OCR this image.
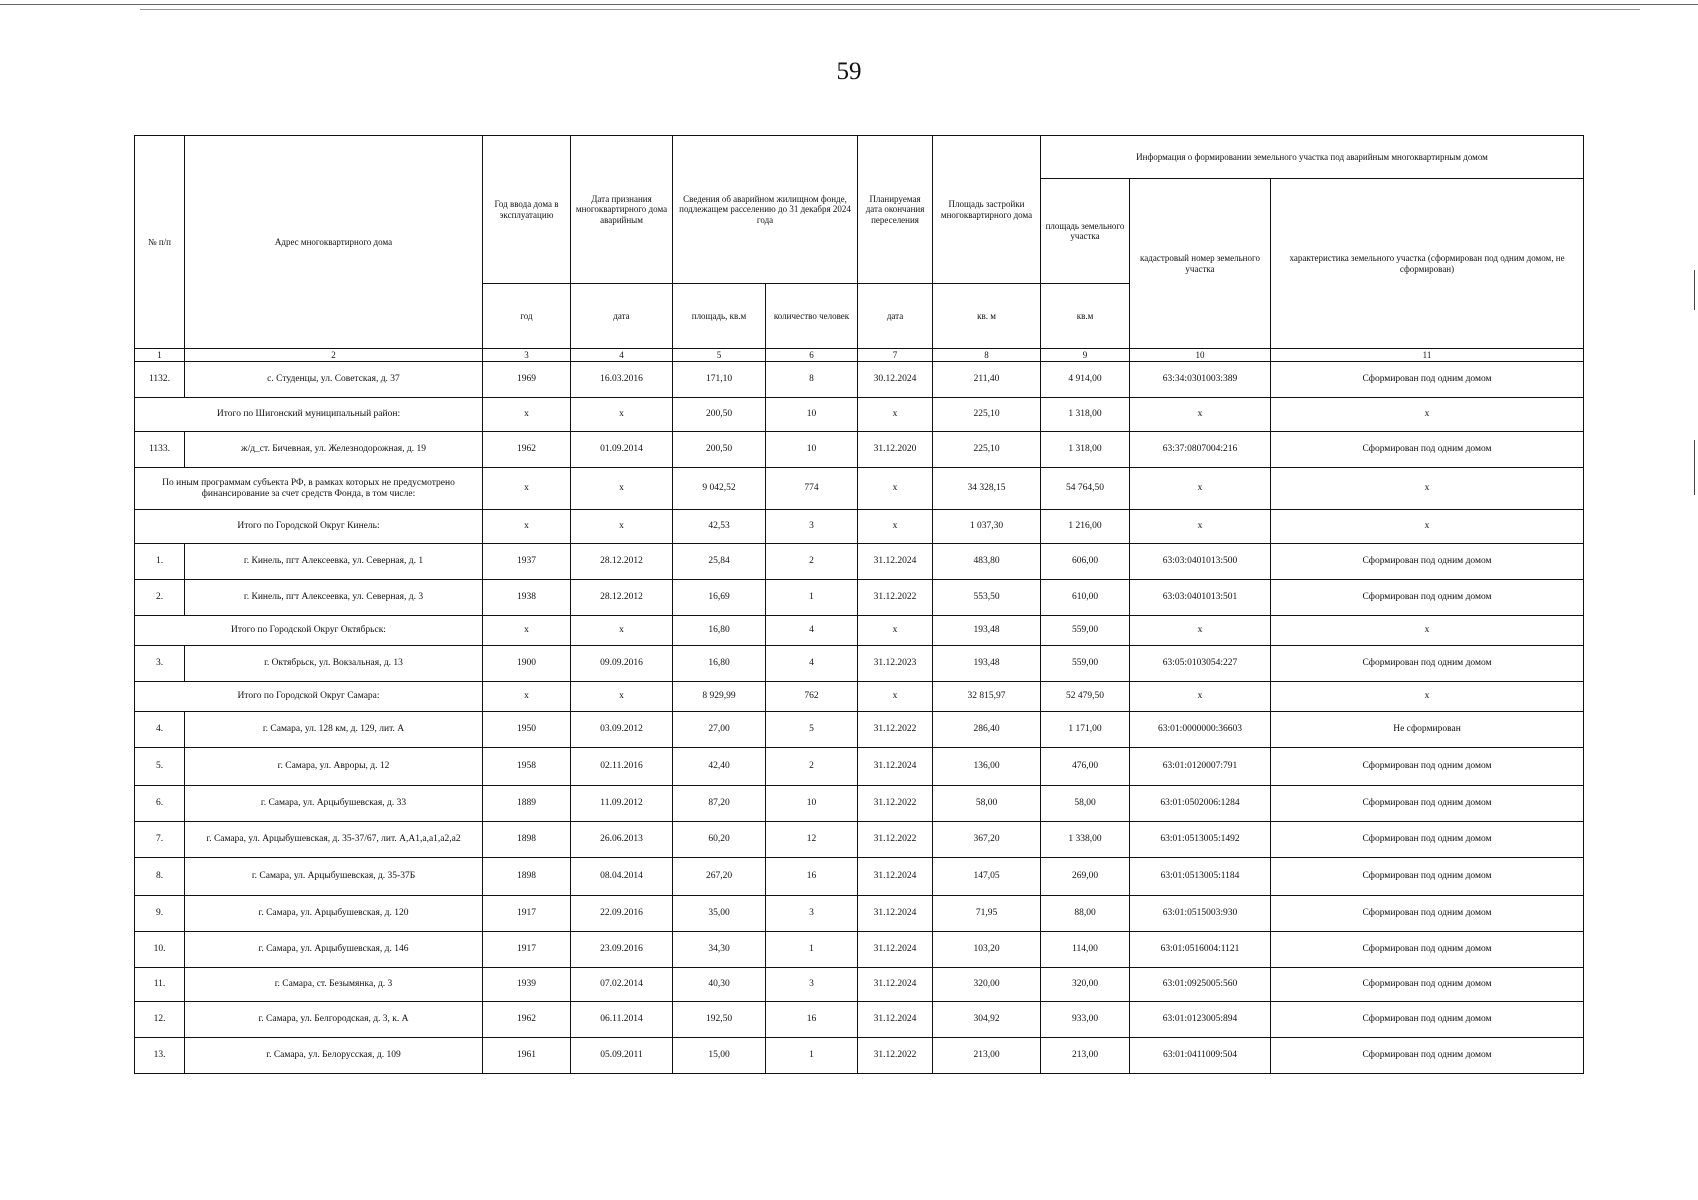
59
№ п/п	Адрес многоквартирного дома	Год ввода дома в эксплуатацию	Дата признания многоквартирного дома аварийным	Сведения об аварийном жилищном фонде, подлежащем расселению до 31 декабря 2024 года		Планируемая дата окончания переселения	Площадь застройки многоквартирного дома	Информация о формировании земельного участка под аварийным многоквартирным домом		
								площадь земельного участка	кадастровый номер земельного участка	характеристика земельного участка (сформирован под одним домом, не сформирован)
		год	дата	площадь, кв.м	количество человек	дата	кв. м	кв.м		
1	2	3	4	5	6	7	8	9	10	11
1132.	с. Студенцы, ул. Советская, д. 37	1969	16.03.2016	171,10	8	30.12.2024	211,40	4 914,00	63:34:0301003:389	Сформирован под одним домом
Итого по Шигонский муниципальный район:		x	x	200,50	10	x	225,10	1 318,00	x	x
1133.	ж/д_ст. Бичевная, ул. Железнодорожная, д. 19	1962	01.09.2014	200,50	10	31.12.2020	225,10	1 318,00	63:37:0807004:216	Сформирован под одним домом
По иным программам субъекта РФ, в рамках которых не предусмотрено финансирование за счет средств Фонда, в том числе:		x	x	9 042,52	774	x	34 328,15	54 764,50	x	x
Итого по Городской Округ Кинель:		x	x	42,53	3	x	1 037,30	1 216,00	x	x
1.	г. Кинель, пгт Алексеевка, ул. Северная, д. 1	1937	28.12.2012	25,84	2	31.12.2024	483,80	606,00	63:03:0401013:500	Сформирован под одним домом
2.	г. Кинель, пгт Алексеевка, ул. Северная, д. 3	1938	28.12.2012	16,69	1	31.12.2022	553,50	610,00	63:03:0401013:501	Сформирован под одним домом
Итого по Городской Округ Октябрьск:		x	x	16,80	4	x	193,48	559,00	x	x
3.	г. Октябрьск, ул. Вокзальная, д. 13	1900	09.09.2016	16,80	4	31.12.2023	193,48	559,00	63:05:0103054:227	Сформирован под одним домом
Итого по Городской Округ Самара:		x	x	8 929,99	762	x	32 815,97	52 479,50	x	x
4.	г. Самара, ул. 128 км, д. 129, лит. А	1950	03.09.2012	27,00	5	31.12.2022	286,40	1 171,00	63:01:0000000:36603	Не сформирован
5.	г. Самара, ул. Авроры, д. 12	1958	02.11.2016	42,40	2	31.12.2024	136,00	476,00	63:01:0120007:791	Сформирован под одним домом
6.	г. Самара, ул. Арцыбушевская, д. 33	1889	11.09.2012	87,20	10	31.12.2022	58,00	58,00	63:01:0502006:1284	Сформирован под одним домом
7.	г. Самара, ул. Арцыбушевская, д. 35-37/67, лит. А,А1,а,а1,а2,а2	1898	26.06.2013	60,20	12	31.12.2022	367,20	1 338,00	63:01:0513005:1492	Сформирован под одним домом
8.	г. Самара, ул. Арцыбушевская, д. 35-37Б	1898	08.04.2014	267,20	16	31.12.2024	147,05	269,00	63:01:0513005:1184	Сформирован под одним домом
9.	г. Самара, ул. Арцыбушевская, д. 120	1917	22.09.2016	35,00	3	31.12.2024	71,95	88,00	63:01:0515003:930	Сформирован под одним домом
10.	г. Самара, ул. Арцыбушевская, д. 146	1917	23.09.2016	34,30	1	31.12.2024	103,20	114,00	63:01:0516004:1121	Сформирован под одним домом
11.	г. Самара, ст. Безымянка, д. 3	1939	07.02.2014	40,30	3	31.12.2024	320,00	320,00	63:01:0925005:560	Сформирован под одним домом
12.	г. Самара, ул. Белгородская, д. 3, к. А	1962	06.11.2014	192,50	16	31.12.2024	304,92	933,00	63:01:0123005:894	Сформирован под одним домом
13.	г. Самара, ул. Белорусская, д. 109	1961	05.09.2011	15,00	1	31.12.2022	213,00	213,00	63:01:0411009:504	Сформирован под одним домом
